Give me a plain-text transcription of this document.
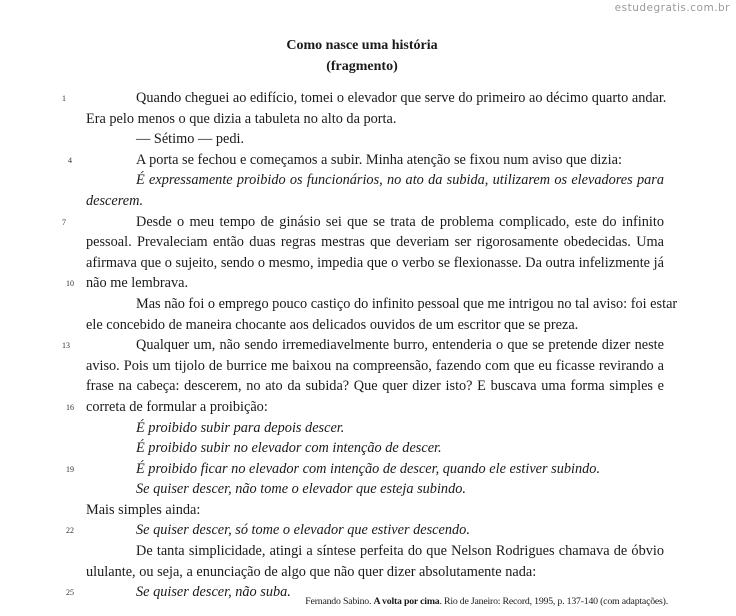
estudegratis.com.br
Como nasce uma história
(fragmento)
1	Quando cheguei ao edifício, tomei o elevador que serve do primeiro ao décimo quarto andar.
Era pelo menos o que dizia a tabuleta no alto da porta.
— Sétimo — pedi.
4	A porta se fechou e começamos a subir. Minha atenção se fixou num aviso que dizia:
É expressamente proibido os funcionários, no ato da subida, utilizarem os elevadores para
descerem.
7	Desde o meu tempo de ginásio sei que se trata de problema complicado, este do infinito
pessoal. Prevaleciam então duas regras mestras que deveriam ser rigorosamente obedecidas. Uma
afirmava que o sujeito, sendo o mesmo, impedia que o verbo se flexionasse. Da outra infelizmente já
10 não me lembrava.
Mas não foi o emprego pouco castiço do infinito pessoal que me intrigou no tal aviso: foi estar
ele concebido de maneira chocante aos delicados ouvidos de um escritor que se preza.
13	Qualquer um, não sendo irremediavelmente burro, entenderia o que se pretende dizer neste
aviso. Pois um tijolo de burrice me baixou na compreensão, fazendo com que eu ficasse revirando a
frase na cabeça: descerem, no ato da subida? Que quer dizer isto? E buscava uma forma simples e
16 correta de formular a proibição:
É proibido subir para depois descer.
É proibido subir no elevador com intenção de descer.
19	É proibido ficar no elevador com intenção de descer, quando ele estiver subindo.
Se quiser descer, não tome o elevador que esteja subindo.
Mais simples ainda:
22	Se quiser descer, só tome o elevador que estiver descendo.
De tanta simplicidade, atingi a síntese perfeita do que Nelson Rodrigues chamava de óbvio
ululante, ou seja, a enunciação de algo que não quer dizer absolutamente nada:
25	Se quiser descer, não suba.
Fernando Sabino. A volta por cima. Rio de Janeiro: Record, 1995, p. 137-140 (com adaptações).
